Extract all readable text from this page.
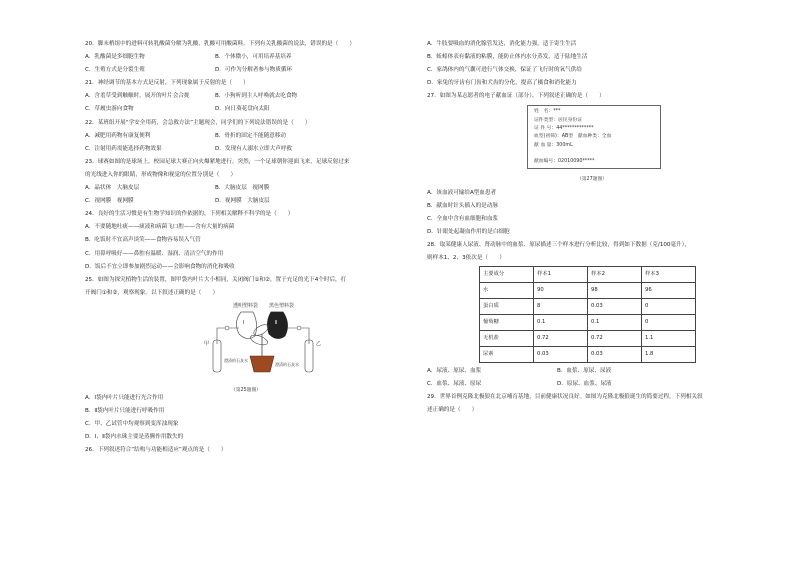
20．脚末梢组中的进料可转乳酸菌分解为乳酸，乳酸可用酸菌料。下列有关乳酸菌的说法，错误的是（　　）
A．乳酸菌是多细胞生物	B．个体微小，可用培养基培养
C．生殖方式是分裂生殖	D．可作为分解者参与物质循环
21．神经调节的基本方式是反射，下列现象属于反射的是（　　）
A．含羞草受到触触时，展开的叶片会合拢	B．小狗听到主人呼唤就去吃食物
C．草履虫游向食物	D．向日葵花盘向太阳
22．某班组开展“学安全用药，会急救方法”主题现会，同学们的下列说法错误的是（　　）
A．减肥用药物有康复便利	B．骨折的固定不能随意移动
C．注射用药需能选择药物效果	D．发现有人溺水立即大声呼救
23．球赛如图的是球场上，校园足球大赛正向火爆紧地进行。突然，一个足球朝你迎面飞来，足球反射过来
的光线进入你的眼睛，形成物像和视觉的位置分别是（　　）
A．晶状体　大脑皮层	B．大脑皮层　视网膜
C．视网膜　视网膜	D．视网膜　大脑皮层
24．良好的生活习惯是有生物学知识的作依据的，下列相关解释不科学的是（　　）
A．不要随地吐痰——痰液和病菌飞口腔——含有大量的病菌
B．吃饭时不宜高声谈笑——食物容易误入气管
C．用鼻呼吸好——鼻腔有温暖、湿润、清洁空气的作用
D．饭后不宜立即参加剧烈运动——会影响食物的消化和吸收
25．如图为探究植物生活的装置，图甲袋内叶片大小相同，关闭阀门①和②，置于充足的光下4个时后，打
开阀门①和②，观察现象。以下叙述正确的是（　　）
透明塑料袋 黑色塑料袋
Ⅰ	Ⅱ
甲	乙
澄清的石灰水
澄清的石灰水
（第25题图）
A．Ⅰ袋内叶片只能进行光合作用
B．Ⅱ袋内叶片只能进行呼吸作用
C．甲、乙试管中均观察到变浑浊现象
D．Ⅰ、Ⅱ袋内水珠主要是蒸腾作用散失的
26．下列叙述符合“结构与功能相适应”观点的是（　　）
A．牛肢要吸血的消化腺管发达，消化能力强，适于寄生生活
B．蚯蚓体表有黏液的粘膜，能防止体内水分蒸发，适于陆地生活
C．家鸽体内的气囊可进行气体交换，保证了飞行时的氧气供给
D．家兔的牙齿有门齿和犬齿的分化，提高了摄食和消化能力
27．如图为某志愿者的电子献血证（部分），下列叙述正确的是（　　）
姓　名：***
证件类型：居民身份证
证 件 号：44*************
血型(初筛)：AB型　献血种类：全血
献 血 量：300mL

献血编号：02010090*****
（第27题图）
A．该血液可输给A型血患者
B．献血时针头插入的是动脉
C．全血中含有血细胞和血浆
D．针眼处起凝血作用的是白细胞
28．取某健康人尿液、肾动脉中的血浆、原尿描述三个样本进行分析比较，得到如下数据（克/100毫升），
则样本1、2、3依次是（　　）
主要成分	样本1	样本2	样本3
水	90	98	96
蛋白质	8	0.03	0
葡萄糖	0.1	0.1	0
无机盐	0.72	0.72	1.1
尿素	0.03	0.03	1.8
A．尿液、原尿、血浆	B．血浆、原尿、尿液
C．血浆、尿液、原尿	D．原尿、血浆、尿液
29．世界首例克隆北极狼在北京哺育基地，目前健康状况良好。如图为克隆北极狼诞生的简要过程。下列相关叙
述正确的是（　　）
